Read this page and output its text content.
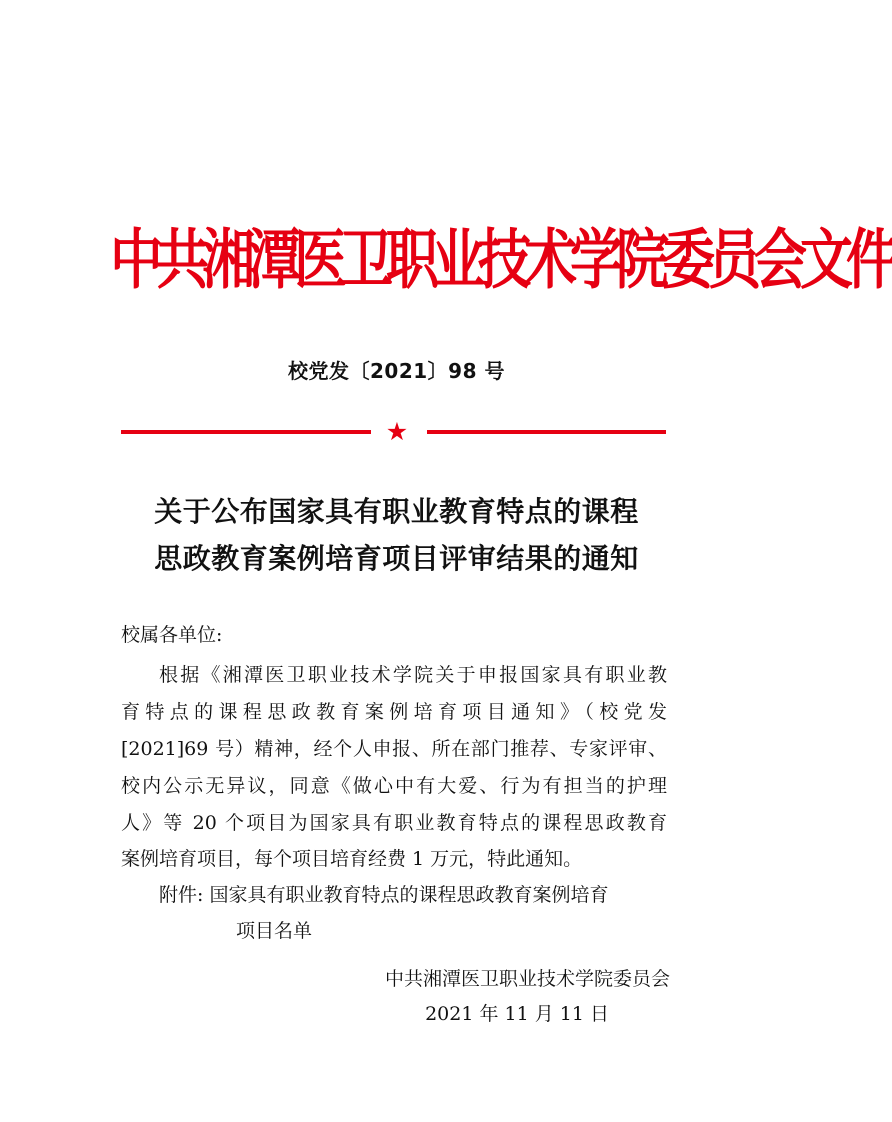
中共湘潭医卫职业技术学院委员会文件
校党发〔2021〕98 号
★
关于公布国家具有职业教育特点的课程
思政教育案例培育项目评审结果的通知
校属各单位:
根据《湘潭医卫职业技术学院关于申报国家具有职业教
育特点的课程思政教育案例培育项目通知》（校党发
[2021]69 号）精神，经个人申报、所在部门推荐、专家评审、
校内公示无异议，同意《做心中有大爱、行为有担当的护理
人》等 20 个项目为国家具有职业教育特点的课程思政教育
案例培育项目，每个项目培育经费 1 万元，特此通知。
附件: 国家具有职业教育特点的课程思政教育案例培育
项目名单
中共湘潭医卫职业技术学院委员会
2021 年 11 月 11 日
